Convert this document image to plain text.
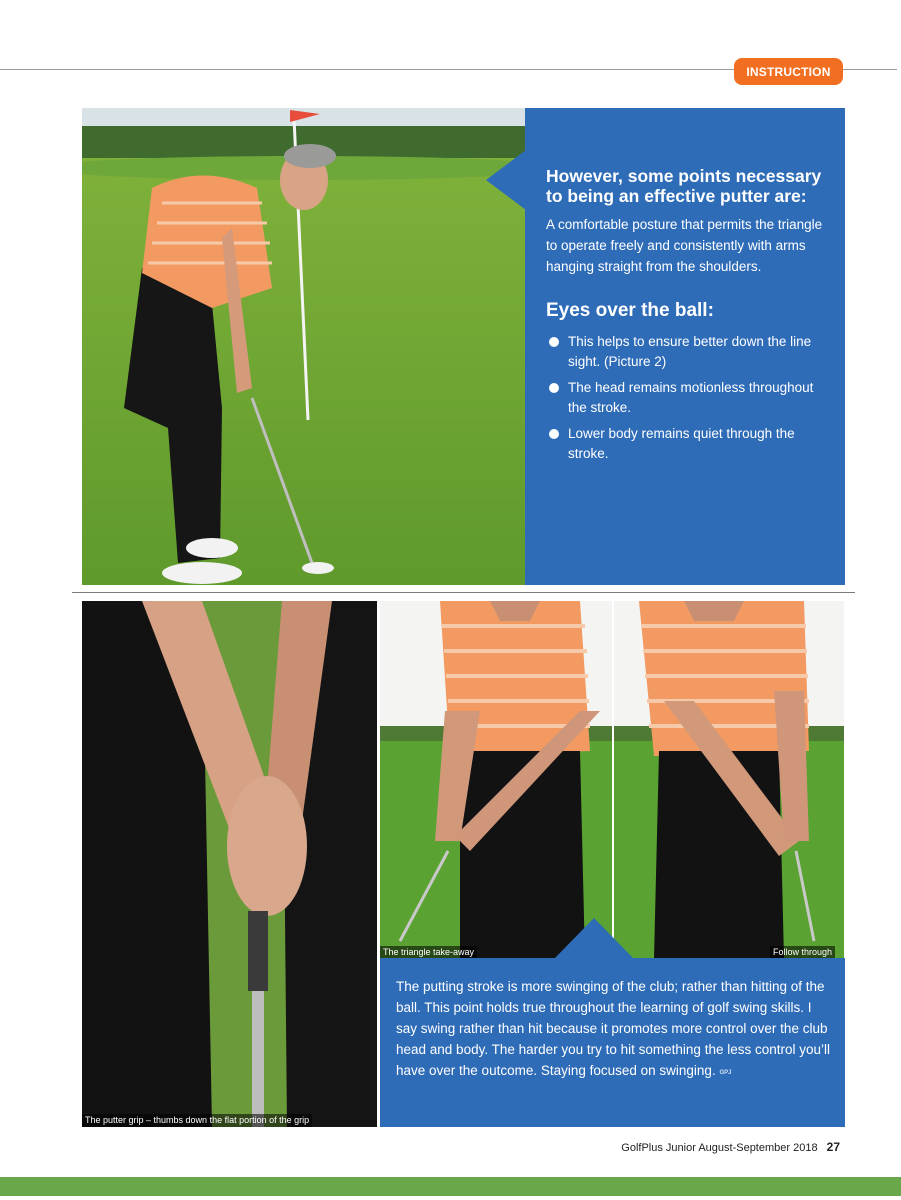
INSTRUCTION
However, some points necessary to being an effective putter are:

A comfortable posture that permits the triangle to operate freely and consistently with arms hanging straight from the shoulders.

Eyes over the ball:
This helps to ensure better down the line sight. (Picture 2)
The head remains motionless throughout the stroke.
Lower body remains quiet through the stroke.
The putter grip – thumbs down the flat portion of the grip
The triangle take-away	Follow through
The putting stroke is more swinging of the club; rather than hitting of the ball. This point holds true throughout the learning of golf swing skills. I say swing rather than hit because it promotes more control over the club head and body. The harder you try to hit something the less control you’ll have over the outcome. Staying focused on swinging. GPJ
GolfPlus Junior August-September 2018 27
